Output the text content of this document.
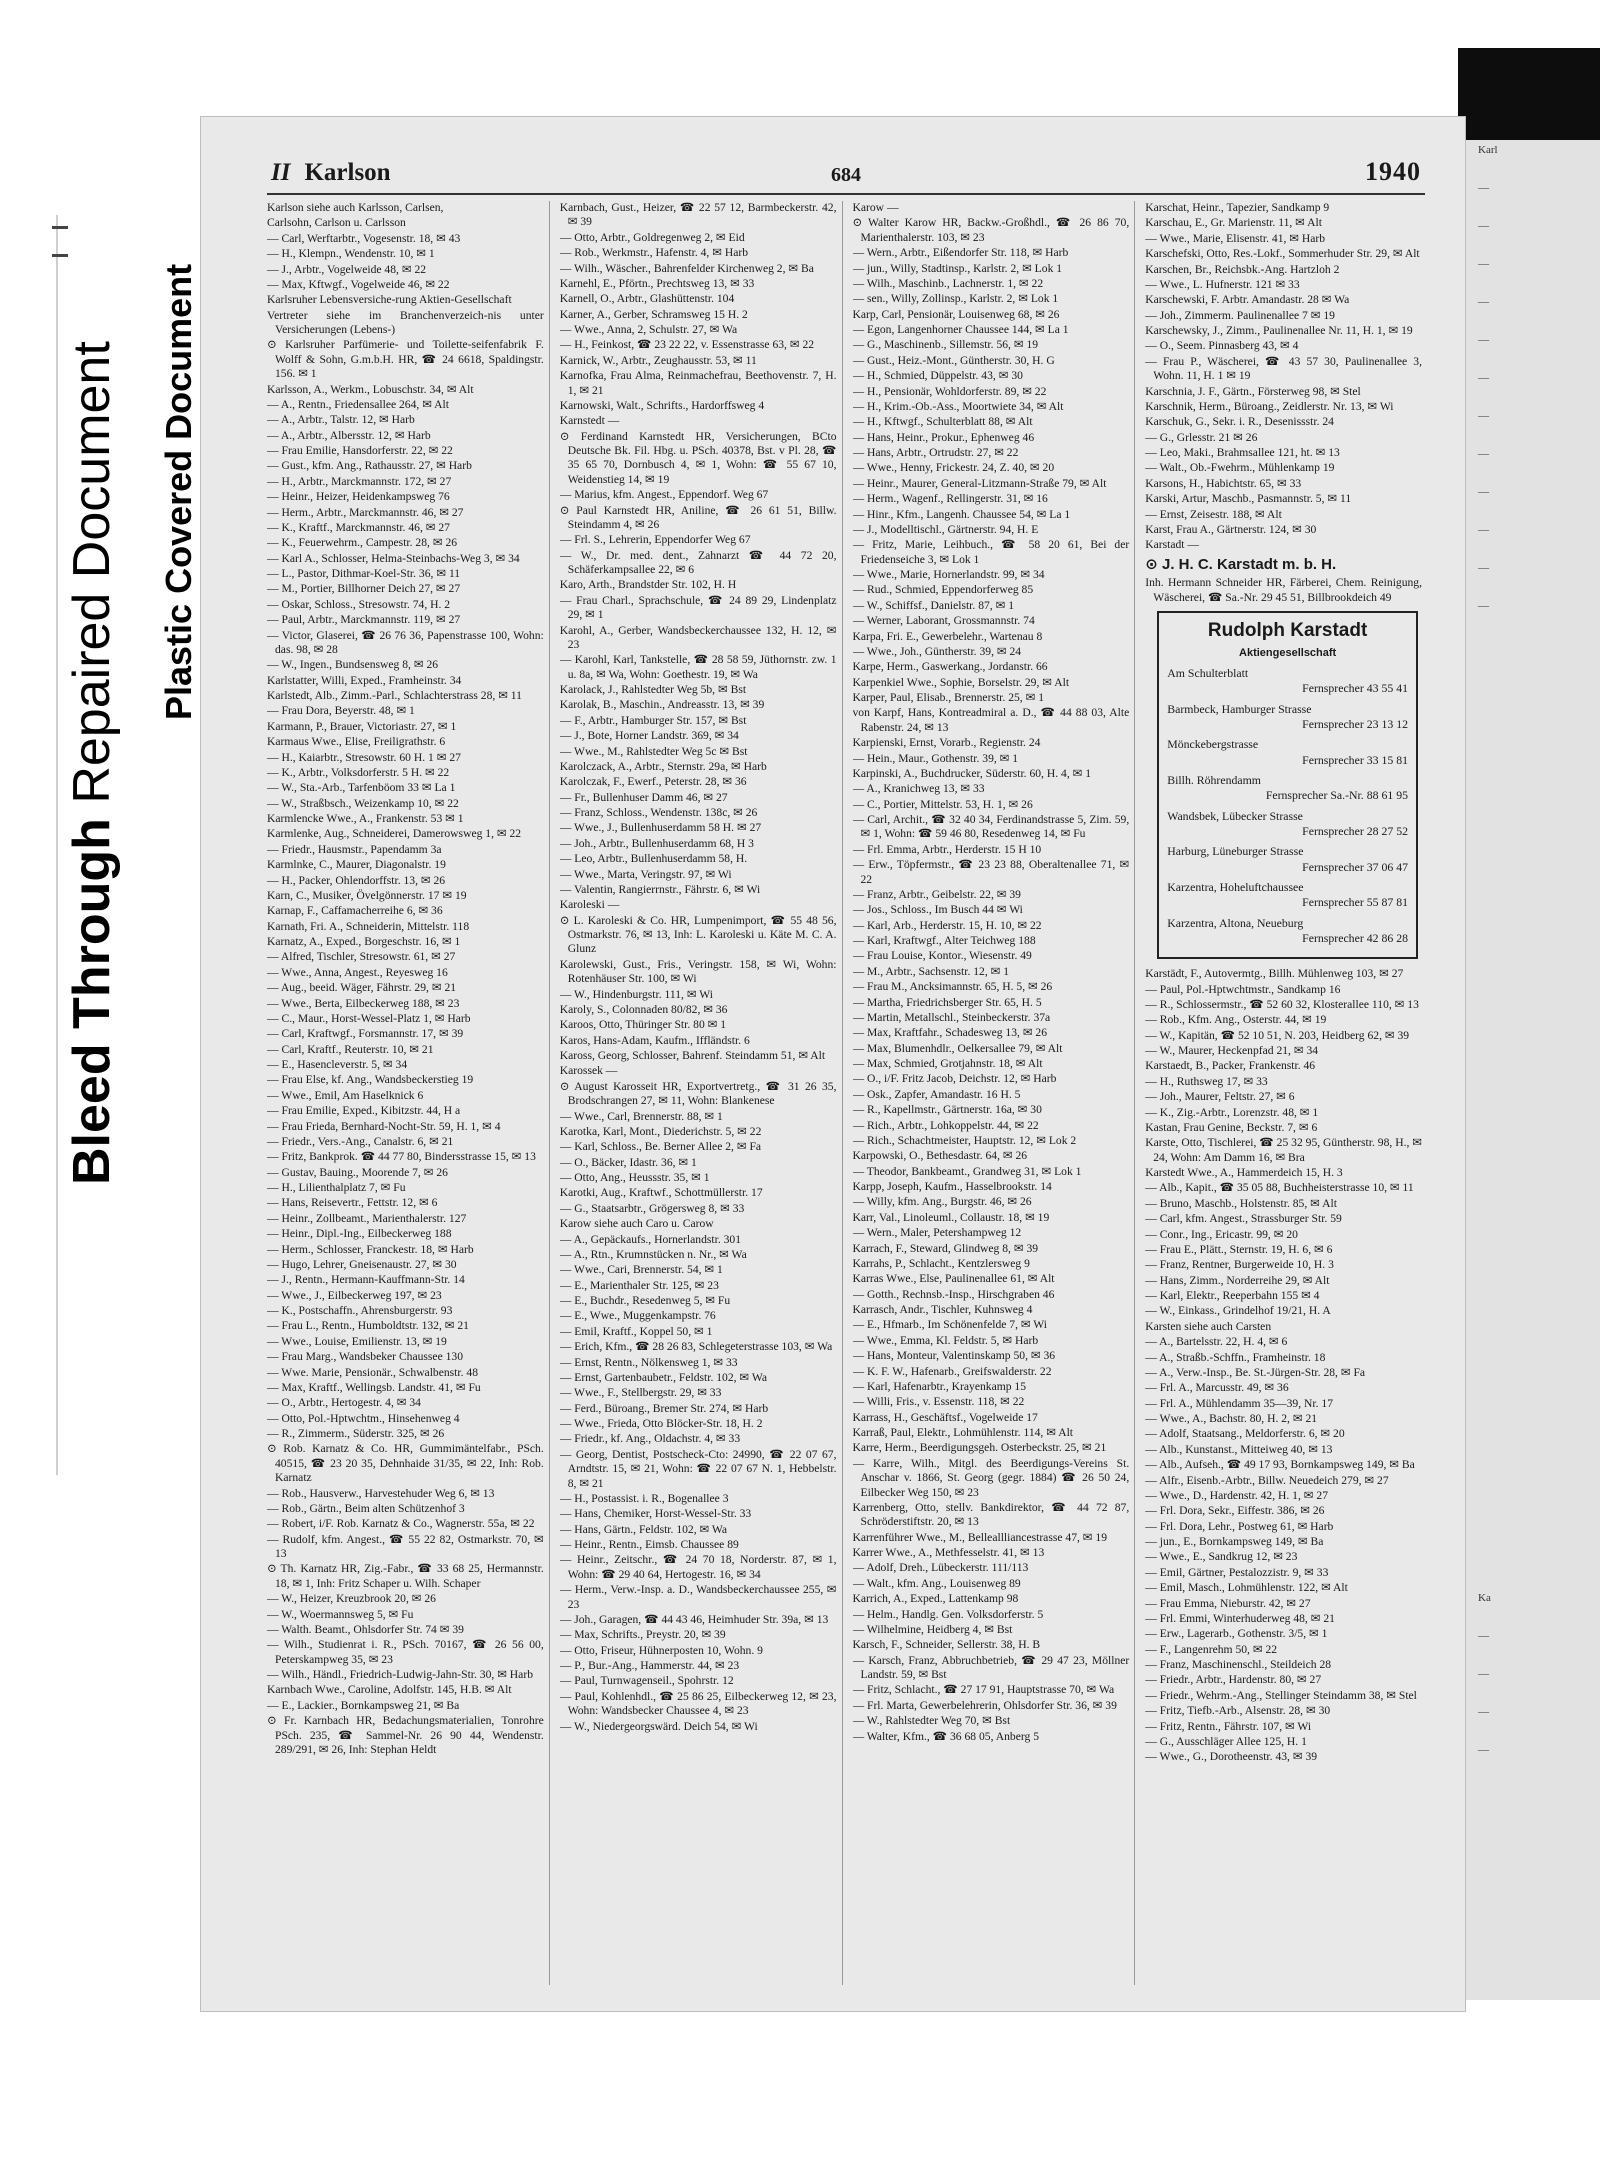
Bleed Through Repaired Document Plastic Covered Document
II Karlson	684	1940

Karlson siehe auch Karlsson, Carlsen,

Carlsohn, Carlson u. Carlsson

— Carl, Werftarbtr., Vogesenstr. 18, ✉ 43

— H., Klempn., Wendenstr. 10, ✉ 1

— J., Arbtr., Vogelweide 48, ✉ 22

— Max, Kftwgf., Vogelweide 46, ✉ 22

Karlsruher Lebensversiche-rung Aktien-Gesellschaft

Vertreter siehe im Branchenverzeich-nis unter Versicherungen (Lebens-)

⊙ Karlsruher Parfümerie- und Toilette-seifenfabrik F. Wolff & Sohn, G.m.b.H. HR, ☎ 24 6618, Spaldingstr. 156. ✉ 1

Karlsson, A., Werkm., Lobuschstr. 34, ✉ Alt

— A., Rentn., Friedensallee 264, ✉ Alt

— A., Arbtr., Talstr. 12, ✉ Harb

— A., Arbtr., Albersstr. 12, ✉ Harb

— Frau Emilie, Hansdorferstr. 22, ✉ 22

— Gust., kfm. Ang., Rathausstr. 27, ✉ Harb

— H., Arbtr., Marckmannstr. 172, ✉ 27

— Heinr., Heizer, Heidenkampsweg 76

— Herm., Arbtr., Marckmannstr. 46, ✉ 27

— K., Kraftf., Marckmannstr. 46, ✉ 27

— K., Feuerwehrm., Campestr. 28, ✉ 26

— Karl A., Schlosser, Helma-Steinbachs-Weg 3, ✉ 34

— L., Pastor, Dithmar-Koel-Str. 36, ✉ 11

— M., Portier, Billhorner Deich 27, ✉ 27

— Oskar, Schloss., Stresowstr. 74, H. 2

— Paul, Arbtr., Marckmannstr. 119, ✉ 27

— Victor, Glaserei, ☎ 26 76 36, Papenstrasse 100, Wohn: das. 98, ✉ 28

— W., Ingen., Bundsensweg 8, ✉ 26

Karlstatter, Willi, Exped., Framheinstr. 34

Karlstedt, Alb., Zimm.-Parl., Schlachterstrass 28, ✉ 11

— Frau Dora, Beyerstr. 48, ✉ 1

Karmann, P., Brauer, Victoriastr. 27, ✉ 1

Karmaus Wwe., Elise, Freiligrathstr. 6

— H., Kaiarbtr., Stresowstr. 60 H. 1 ✉ 27

— K., Arbtr., Volksdorferstr. 5 H. ✉ 22

— W., Sta.-Arb., Tarfenböom 33 ✉ La 1

— W., Straßbsch., Weizenkamp 10, ✉ 22

Karmlencke Wwe., A., Frankenstr. 53 ✉ 1

Karmlenke, Aug., Schneiderei, Damerowsweg 1, ✉ 22

— Friedr., Hausmstr., Papendamm 3a

Karmlnke, C., Maurer, Diagonalstr. 19

— H., Packer, Ohlendorffstr. 13, ✉ 26

Karn, C., Musiker, Övelgönnerstr. 17 ✉ 19

Karnap, F., Caffamacherreihe 6, ✉ 36

Karnath, Fri. A., Schneiderin, Mittelstr. 118

Karnatz, A., Exped., Borgeschstr. 16, ✉ 1

— Alfred, Tischler, Stresowstr. 61, ✉ 27

— Wwe., Anna, Angest., Reyesweg 16

— Aug., beeid. Wäger, Fährstr. 29, ✉ 21

— Wwe., Berta, Eilbeckerweg 188, ✉ 23

— C., Maur., Horst-Wessel-Platz 1, ✉ Harb

— Carl, Kraftwgf., Forsmannstr. 17, ✉ 39

— Carl, Kraftf., Reuterstr. 10, ✉ 21

— E., Hasencleverstr. 5, ✉ 34

— Frau Else, kf. Ang., Wandsbeckerstieg 19

— Wwe., Emil, Am Haselknick 6

— Frau Emilie, Exped., Kibitzstr. 44, H a

— Frau Frieda, Bernhard-Nocht-Str. 59, H. 1, ✉ 4

— Friedr., Vers.-Ang., Canalstr. 6, ✉ 21

— Fritz, Bankprok. ☎ 44 77 80, Bindersstrasse 15, ✉ 13

— Gustav, Bauing., Moorende 7, ✉ 26

— H., Lilienthalplatz 7, ✉ Fu

— Hans, Reisevertr., Fettstr. 12, ✉ 6

— Heinr., Zollbeamt., Marienthalerstr. 127

— Heinr., Dipl.-Ing., Eilbeckerweg 188

— Herm., Schlosser, Franckestr. 18, ✉ Harb

— Hugo, Lehrer, Gneisenaustr. 27, ✉ 30

— J., Rentn., Hermann-Kauffmann-Str. 14

— Wwe., J., Eilbeckerweg 197, ✉ 23

— K., Postschaffn., Ahrensburgerstr. 93

— Frau L., Rentn., Humboldtstr. 132, ✉ 21

— Wwe., Louise, Emilienstr. 13, ✉ 19

— Frau Marg., Wandsbeker Chaussee 130

— Wwe. Marie, Pensionär., Schwalbenstr. 48

— Max, Kraftf., Wellingsb. Landstr. 41, ✉ Fu

— O., Arbtr., Hertogestr. 4, ✉ 34

— Otto, Pol.-Hptwchtm., Hinsehenweg 4

— R., Zimmerm., Süderstr. 325, ✉ 26

⊙ Rob. Karnatz & Co. HR, Gummimäntelfabr., PSch. 40515, ☎ 23 20 35, Dehnhaide 31/35, ✉ 22, Inh: Rob. Karnatz

— Rob., Hausverw., Harvestehuder Weg 6, ✉ 13

— Rob., Gärtn., Beim alten Schützenhof 3

— Robert, i/F. Rob. Karnatz & Co., Wagnerstr. 55a, ✉ 22

— Rudolf, kfm. Angest., ☎ 55 22 82, Ostmarkstr. 70, ✉ 13

⊙ Th. Karnatz HR, Zig.-Fabr., ☎ 33 68 25, Hermannstr. 18, ✉ 1, Inh: Fritz Schaper u. Wilh. Schaper

— W., Heizer, Kreuzbrook 20, ✉ 26

— W., Woermannsweg 5, ✉ Fu

— Walth. Beamt., Ohlsdorfer Str. 74 ✉ 39

— Wilh., Studienrat i. R., PSch. 70167, ☎ 26 56 00, Peterskampweg 35, ✉ 23

— Wilh., Händl., Friedrich-Ludwig-Jahn-Str. 30, ✉ Harb

Karnbach Wwe., Caroline, Adolfstr. 145, H.B. ✉ Alt

— E., Lackier., Bornkampsweg 21, ✉ Ba

⊙ Fr. Karnbach HR, Bedachungsmaterialien, Tonrohre PSch. 235, ☎ Sammel-Nr. 26 90 44, Wendenstr. 289/291, ✉ 26, Inh: Stephan Heldt

Karnbach, Gust., Heizer, ☎ 22 57 12, Barmbeckerstr. 42, ✉ 39

— Otto, Arbtr., Goldregenweg 2, ✉ Eid

— Rob., Werkmstr., Hafenstr. 4, ✉ Harb

— Wilh., Wäscher., Bahrenfelder Kirchenweg 2, ✉ Ba

Karnehl, E., Pförtn., Prechtsweg 13, ✉ 33

Karnell, O., Arbtr., Glashüttenstr. 104

Karner, A., Gerber, Schramsweg 15 H. 2

— Wwe., Anna, 2, Schulstr. 27, ✉ Wa

— H., Feinkost, ☎ 23 22 22, v. Essenstrasse 63, ✉ 22

Karnick, W., Arbtr., Zeughausstr. 53, ✉ 11

Karnofka, Frau Alma, Reinmachefrau, Beethovenstr. 7, H. 1, ✉ 21

Karnowski, Walt., Schrifts., Hardorffsweg 4

Karnstedt —

⊙ Ferdinand Karnstedt HR, Versicherungen, BCto Deutsche Bk. Fil. Hbg. u. PSch. 40378, Bst. v Pl. 28, ☎ 35 65 70, Dornbusch 4, ✉ 1, Wohn: ☎ 55 67 10, Weidenstieg 14, ✉ 19

— Marius, kfm. Angest., Eppendorf. Weg 67

⊙ Paul Karnstedt HR, Aniline, ☎ 26 61 51, Billw. Steindamm 4, ✉ 26

— Frl. S., Lehrerin, Eppendorfer Weg 67

— W., Dr. med. dent., Zahnarzt ☎ 44 72 20, Schäferkampsallee 22, ✉ 6

Karo, Arth., Brandstder Str. 102, H. H

— Frau Charl., Sprachschule, ☎ 24 89 29, Lindenplatz 29, ✉ 1

Karohl, A., Gerber, Wandsbeckerchaussee 132, H. 12, ✉ 23

— Karohl, Karl, Tankstelle, ☎ 28 58 59, Jüthornstr. zw. 1 u. 8a, ✉ Wa, Wohn: Goethestr. 19, ✉ Wa

Karolack, J., Rahlstedter Weg 5b, ✉ Bst

Karolak, B., Maschin., Andreasstr. 13, ✉ 39

— F., Arbtr., Hamburger Str. 157, ✉ Bst

— J., Bote, Horner Landstr. 369, ✉ 34

— Wwe., M., Rahlstedter Weg 5c ✉ Bst

Karolczack, A., Arbtr., Sternstr. 29a, ✉ Harb

Karolczak, F., Ewerf., Peterstr. 28, ✉ 36

— Fr., Bullenhuser Damm 46, ✉ 27

— Franz, Schloss., Wendenstr. 138c, ✉ 26

— Wwe., J., Bullenhuserdamm 58 H. ✉ 27

— Joh., Arbtr., Bullenhuserdamm 68, H 3

— Leo, Arbtr., Bullenhuserdamm 58, H.

— Wwe., Marta, Veringstr. 97, ✉ Wi

— Valentin, Rangierrnstr., Fährstr. 6, ✉ Wi

Karoleski —

⊙ L. Karoleski & Co. HR, Lumpenimport, ☎ 55 48 56, Ostmarkstr. 76, ✉ 13, Inh: L. Karoleski u. Käte M. C. A. Glunz

Karolewski, Gust., Fris., Veringstr. 158, ✉ Wi, Wohn: Rotenhäuser Str. 100, ✉ Wi

— W., Hindenburgstr. 111, ✉ Wi

Karoly, S., Colonnaden 80/82, ✉ 36

Karoos, Otto, Thüringer Str. 80 ✉ 1

Karos, Hans-Adam, Kaufm., Iffländstr. 6

Kaross, Georg, Schlosser, Bahrenf. Steindamm 51, ✉ Alt

Karossek —

⊙ August Karosseit HR, Exportvertretg., ☎ 31 26 35, Brodschrangen 27, ✉ 11, Wohn: Blankenese

— Wwe., Carl, Brennerstr. 88, ✉ 1

Karotka, Karl, Mont., Diederichstr. 5, ✉ 22

— Karl, Schloss., Be. Berner Allee 2, ✉ Fa

— O., Bäcker, Idastr. 36, ✉ 1

— Otto, Ang., Heussstr. 35, ✉ 1

Karotki, Aug., Kraftwf., Schottmüllerstr. 17

— G., Staatsarbtr., Grögersweg 8, ✉ 33

Karow siehe auch Caro u. Carow

— A., Gepäckaufs., Hornerlandstr. 301

— A., Rtn., Krumnstücken n. Nr., ✉ Wa

— Wwe., Cari, Brennerstr. 54, ✉ 1

— E., Marienthaler Str. 125, ✉ 23

— E., Buchdr., Resedenweg 5, ✉ Fu

— E., Wwe., Muggenkampstr. 76

— Emil, Kraftf., Koppel 50, ✉ 1

— Erich, Kfm., ☎ 28 26 83, Schlegeterstrasse 103, ✉ Wa

— Ernst, Rentn., Nölkensweg 1, ✉ 33

— Ernst, Gartenbaubetr., Feldstr. 102, ✉ Wa

— Wwe., F., Stellbergstr. 29, ✉ 33

— Ferd., Büroang., Bremer Str. 274, ✉ Harb

— Wwe., Frieda, Otto Blöcker-Str. 18, H. 2

— Friedr., kf. Ang., Oldachstr. 4, ✉ 33

— Georg, Dentist, Postscheck-Cto: 24990, ☎ 22 07 67, Arndtstr. 15, ✉ 21, Wohn: ☎ 22 07 67 N. 1, Hebbelstr. 8, ✉ 21

— H., Postassist. i. R., Bogenallee 3

— Hans, Chemiker, Horst-Wessel-Str. 33

— Hans, Gärtn., Feldstr. 102, ✉ Wa

— Heinr., Rentn., Eimsb. Chaussee 89

— Heinr., Zeitschr., ☎ 24 70 18, Norderstr. 87, ✉ 1, Wohn: ☎ 29 40 64, Hertogestr. 16, ✉ 34

— Herm., Verw.-Insp. a. D., Wandsbeckerchaussee 255, ✉ 23

— Joh., Garagen, ☎ 44 43 46, Heimhuder Str. 39a, ✉ 13

— Max, Schrifts., Preystr. 20, ✉ 39

— Otto, Friseur, Hühnerposten 10, Wohn. 9

— P., Bur.-Ang., Hammerstr. 44, ✉ 23

— Paul, Turnwagenseil., Spohrstr. 12

— Paul, Kohlenhdl., ☎ 25 86 25, Eilbeckerweg 12, ✉ 23, Wohn: Wandsbecker Chaussee 4, ✉ 23

— W., Niedergeorgswärd. Deich 54, ✉ Wi

Karow —

⊙ Walter Karow HR, Backw.-Großhdl., ☎ 26 86 70, Marienthalerstr. 103, ✉ 23

— Wern., Arbtr., Eißendorfer Str. 118, ✉ Harb

— jun., Willy, Stadtinsp., Karlstr. 2, ✉ Lok 1

— Wilh., Maschinb., Lachnerstr. 1, ✉ 22

— sen., Willy, Zollinsp., Karlstr. 2, ✉ Lok 1

Karp, Carl, Pensionär, Louisenweg 68, ✉ 26

— Egon, Langenhorner Chaussee 144, ✉ La 1

— G., Maschinenb., Sillemstr. 56, ✉ 19

— Gust., Heiz.-Mont., Güntherstr. 30, H. G

— H., Schmied, Düppelstr. 43, ✉ 30

— H., Pensionär, Wohldorferstr. 89, ✉ 22

— H., Krim.-Ob.-Ass., Moortwiete 34, ✉ Alt

— H., Kftwgf., Schulterblatt 88, ✉ Alt

— Hans, Heinr., Prokur., Ephenweg 46

— Hans, Arbtr., Ortrudstr. 27, ✉ 22

— Wwe., Henny, Frickestr. 24, Z. 40, ✉ 20

— Heinr., Maurer, General-Litzmann-Straße 79, ✉ Alt

— Herm., Wagenf., Rellingerstr. 31, ✉ 16

— Hinr., Kfm., Langenh. Chaussee 54, ✉ La 1

— J., Modelltischl., Gärtnerstr. 94, H. E

— Fritz, Marie, Leihbuch., ☎ 58 20 61, Bei der Friedenseiche 3, ✉ Lok 1

— Wwe., Marie, Hornerlandstr. 99, ✉ 34

— Rud., Schmied, Eppendorferweg 85

— W., Schiffsf., Danielstr. 87, ✉ 1

— Werner, Laborant, Grossmannstr. 74

Karpa, Fri. E., Gewerbelehr., Wartenau 8

— Wwe., Joh., Güntherstr. 39, ✉ 24

Karpe, Herm., Gaswerkang., Jordanstr. 66

Karpenkiel Wwe., Sophie, Borselstr. 29, ✉ Alt

Karper, Paul, Elisab., Brennerstr. 25, ✉ 1

von Karpf, Hans, Kontreadmiral a. D., ☎ 44 88 03, Alte Rabenstr. 24, ✉ 13

Karpienski, Ernst, Vorarb., Regienstr. 24

— Hein., Maur., Gothenstr. 39, ✉ 1

Karpinski, A., Buchdrucker, Süderstr. 60, H. 4, ✉ 1

— A., Kranichweg 13, ✉ 33

— C., Portier, Mittelstr. 53, H. 1, ✉ 26

— Carl, Archit., ☎ 32 40 34, Ferdinandstrasse 5, Zim. 59, ✉ 1, Wohn: ☎ 59 46 80, Resedenweg 14, ✉ Fu

— Frl. Emma, Arbtr., Herderstr. 15 H 10

— Erw., Töpfermstr., ☎ 23 23 88, Oberaltenallee 71, ✉ 22

— Franz, Arbtr., Geibelstr. 22, ✉ 39

— Jos., Schloss., Im Busch 44 ✉ Wi

— Karl, Arb., Herderstr. 15, H. 10, ✉ 22

— Karl, Kraftwgf., Alter Teichweg 188

— Frau Louise, Kontor., Wiesenstr. 49

— M., Arbtr., Sachsenstr. 12, ✉ 1

— Frau M., Ancksimannstr. 65, H. 5, ✉ 26

— Martha, Friedrichsberger Str. 65, H. 5

— Martin, Metallschl., Steinbeckerstr. 37a

— Max, Kraftfahr., Schadesweg 13, ✉ 26

— Max, Blumenhdlr., Oelkersallee 79, ✉ Alt

— Max, Schmied, Grotjahnstr. 18, ✉ Alt

— O., i/F. Fritz Jacob, Deichstr. 12, ✉ Harb

— Osk., Zapfer, Amandastr. 16 H. 5

— R., Kapellmstr., Gärtnerstr. 16a, ✉ 30

— Rich., Arbtr., Lohkoppelstr. 44, ✉ 22

— Rich., Schachtmeister, Hauptstr. 12, ✉ Lok 2

Karpowski, O., Bethesdastr. 64, ✉ 26

— Theodor, Bankbeamt., Grandweg 31, ✉ Lok 1

Karpp, Joseph, Kaufm., Hasselbrookstr. 14

— Willy, kfm. Ang., Burgstr. 46, ✉ 26

Karr, Val., Linoleuml., Collaustr. 18, ✉ 19

— Wern., Maler, Petershampweg 12

Karrach, F., Steward, Glindweg 8, ✉ 39

Karrahs, P., Schlacht., Kentzlersweg 9

Karras Wwe., Else, Paulinenallee 61, ✉ Alt

— Gotth., Rechnsb.-Insp., Hirschgraben 46

Karrasch, Andr., Tischler, Kuhnsweg 4

— E., Hfmarb., Im Schönenfelde 7, ✉ Wi

— Wwe., Emma, Kl. Feldstr. 5, ✉ Harb

— Hans, Monteur, Valentinskamp 50, ✉ 36

— K. F. W., Hafenarb., Greifswalderstr. 22

— Karl, Hafenarbtr., Krayenkamp 15

— Willi, Fris., v. Essenstr. 118, ✉ 22

Karrass, H., Geschäftsf., Vogelweide 17

Karraß, Paul, Elektr., Lohmühlenstr. 114, ✉ Alt

Karre, Herm., Beerdigungsgeh. Osterbeckstr. 25, ✉ 21

— Karre, Wilh., Mitgl. des Beerdigungs-Vereins St. Anschar v. 1866, St. Georg (gegr. 1884) ☎ 26 50 24, Eilbecker Weg 150, ✉ 23

Karrenberg, Otto, stellv. Bankdirektor, ☎ 44 72 87, Schröderstiftstr. 20, ✉ 13

Karrenführer Wwe., M., Belleallliancestrasse 47, ✉ 19

Karrer Wwe., A., Methfesselstr. 41, ✉ 13

— Adolf, Dreh., Lübeckerstr. 111/113

— Walt., kfm. Ang., Louisenweg 89

Karrich, A., Exped., Lattenkamp 98

— Helm., Handlg. Gen. Volksdorferstr. 5

— Wilhelmine, Heidberg 4, ✉ Bst

Karsch, F., Schneider, Sellerstr. 38, H. B

— Karsch, Franz, Abbruchbetrieb, ☎ 29 47 23, Möllner Landstr. 59, ✉ Bst

— Fritz, Schlacht., ☎ 27 17 91, Hauptstrasse 70, ✉ Wa

— Frl. Marta, Gewerbelehrerin, Ohlsdorfer Str. 36, ✉ 39

— W., Rahlstedter Weg 70, ✉ Bst

— Walter, Kfm., ☎ 36 68 05, Anberg 5

Karschat, Heinr., Tapezier, Sandkamp 9

Karschau, E., Gr. Marienstr. 11, ✉ Alt

— Wwe., Marie, Elisenstr. 41, ✉ Harb

Karschefski, Otto, Res.-Lokf., Sommerhuder Str. 29, ✉ Alt

Karschen, Br., Reichsbk.-Ang. Hartzloh 2

— Wwe., L. Hufnerstr. 121 ✉ 33

Karschewski, F. Arbtr. Amandastr. 28 ✉ Wa

— Joh., Zimmerm. Paulinenallee 7 ✉ 19

Karschewsky, J., Zimm., Paulinenallee Nr. 11, H. 1, ✉ 19

— O., Seem. Pinnasberg 43, ✉ 4

— Frau P., Wäscherei, ☎ 43 57 30, Paulinenallee 3, Wohn. 11, H. 1 ✉ 19

Karschnia, J. F., Gärtn., Försterweg 98, ✉ Stel

Karschnik, Herm., Büroang., Zeidlerstr. Nr. 13, ✉ Wi

Karschuk, G., Sekr. i. R., Desenissstr. 24

— G., Grlesstr. 21 ✉ 26

— Leo, Maki., Brahmsallee 121, ht. ✉ 13

— Walt., Ob.-Fwehrm., Mühlenkamp 19

Karsons, H., Habichtstr. 65, ✉ 33

Karski, Artur, Maschb., Pasmannstr. 5, ✉ 11

— Ernst, Zeisestr. 188, ✉ Alt

Karst, Frau A., Gärtnerstr. 124, ✉ 30

Karstadt —

⊙ J. H. C. Karstadt m. b. H.
Inh. Hermann Schneider HR, Färberei, Chem. Reinigung, Wäscherei, ☎ Sa.-Nr. 29 45 51, Billbrookdeich 49
Rudolph Karstadt
Aktiengesellschaft

Am Schulterblatt

Fernsprecher 43 55 41

Barmbeck, Hamburger Strasse

Fernsprecher 23 13 12

Mönckebergstrasse

Fernsprecher 33 15 81

Billh. Röhrendamm

Fernsprecher Sa.-Nr. 88 61 95

Wandsbek, Lübecker Strasse

Fernsprecher 28 27 52

Harburg, Lüneburger Strasse

Fernsprecher 37 06 47

Karzentra, Hoheluftchaussee

Fernsprecher 55 87 81

Karzentra, Altona, Neueburg

Fernsprecher 42 86 28

Karstädt, F., Autovermtg., Billh. Mühlenweg 103, ✉ 27

— Paul, Pol.-Hptwchtmstr., Sandkamp 16

— R., Schlossermstr., ☎ 52 60 32, Klosterallee 110, ✉ 13

— Rob., Kfm. Ang., Osterstr. 44, ✉ 19

— W., Kapitän, ☎ 52 10 51, N. 203, Heidberg 62, ✉ 39

— W., Maurer, Heckenpfad 21, ✉ 34

Karstaedt, B., Packer, Frankenstr. 46

— H., Ruthsweg 17, ✉ 33

— Joh., Maurer, Feltstr. 27, ✉ 6

— K., Zig.-Arbtr., Lorenzstr. 48, ✉ 1

Kastan, Frau Genine, Beckstr. 7, ✉ 6

Karste, Otto, Tischlerei, ☎ 25 32 95, Güntherstr. 98, H., ✉ 24, Wohn: Am Damm 16, ✉ Bra

Karstedt Wwe., A., Hammerdeich 15, H. 3

— Alb., Kapit., ☎ 35 05 88, Buchheisterstrasse 10, ✉ 11

— Bruno, Maschb., Holstenstr. 85, ✉ Alt

— Carl, kfm. Angest., Strassburger Str. 59

— Conr., Ing., Ericastr. 99, ✉ 20

— Frau E., Plätt., Sternstr. 19, H. 6, ✉ 6

— Franz, Rentner, Burgerweide 10, H. 3

— Hans, Zimm., Norderreihe 29, ✉ Alt

— Karl, Elektr., Reeperbahn 155 ✉ 4

— W., Einkass., Grindelhof 19/21, H. A

Karsten siehe auch Carsten

— A., Bartelsstr. 22, H. 4, ✉ 6

— A., Straßb.-Schffn., Framheinstr. 18

— A., Verw.-Insp., Be. St.-Jürgen-Str. 28, ✉ Fa

— Frl. A., Marcusstr. 49, ✉ 36

— Frl. A., Mühlendamm 35—39, Nr. 17

— Wwe., A., Bachstr. 80, H. 2, ✉ 21

— Adolf, Staatsang., Meldorferstr. 6, ✉ 20

— Alb., Kunstanst., Mitteiweg 40, ✉ 13

— Alb., Aufseh., ☎ 49 17 93, Bornkampsweg 149, ✉ Ba

— Alfr., Eisenb.-Arbtr., Billw. Neuedeich 279, ✉ 27

— Wwe., D., Hardenstr. 42, H. 1, ✉ 27

— Frl. Dora, Sekr., Eiffestr. 386, ✉ 26

— Frl. Dora, Lehr., Postweg 61, ✉ Harb

— jun., E., Bornkampsweg 149, ✉ Ba

— Wwe., E., Sandkrug 12, ✉ 23

— Emil, Gärtner, Pestalozzistr. 9, ✉ 33

— Emil, Masch., Lohmühlenstr. 122, ✉ Alt

— Frau Emma, Nieburstr. 42, ✉ 27

— Frl. Emmi, Winterhuderweg 48, ✉ 21

— Erw., Lagerarb., Gothenstr. 3/5, ✉ 1

— F., Langenrehm 50, ✉ 22

— Franz, Maschinenschl., Steildeich 28

— Friedr., Arbtr., Hardenstr. 80, ✉ 27

— Friedr., Wehrm.-Ang., Stellinger Steindamm 38, ✉ Stel

— Fritz, Tiefb.-Arb., Alsenstr. 28, ✉ 30

— Fritz, Rentn., Fährstr. 107, ✉ Wi

— G., Ausschläger Allee 125, H. 1

— Wwe., G., Dorotheenstr. 43, ✉ 39

Karl
—
—
—
—
—
—
—
—
—
—
—
—
Ka
—
—
—
—
